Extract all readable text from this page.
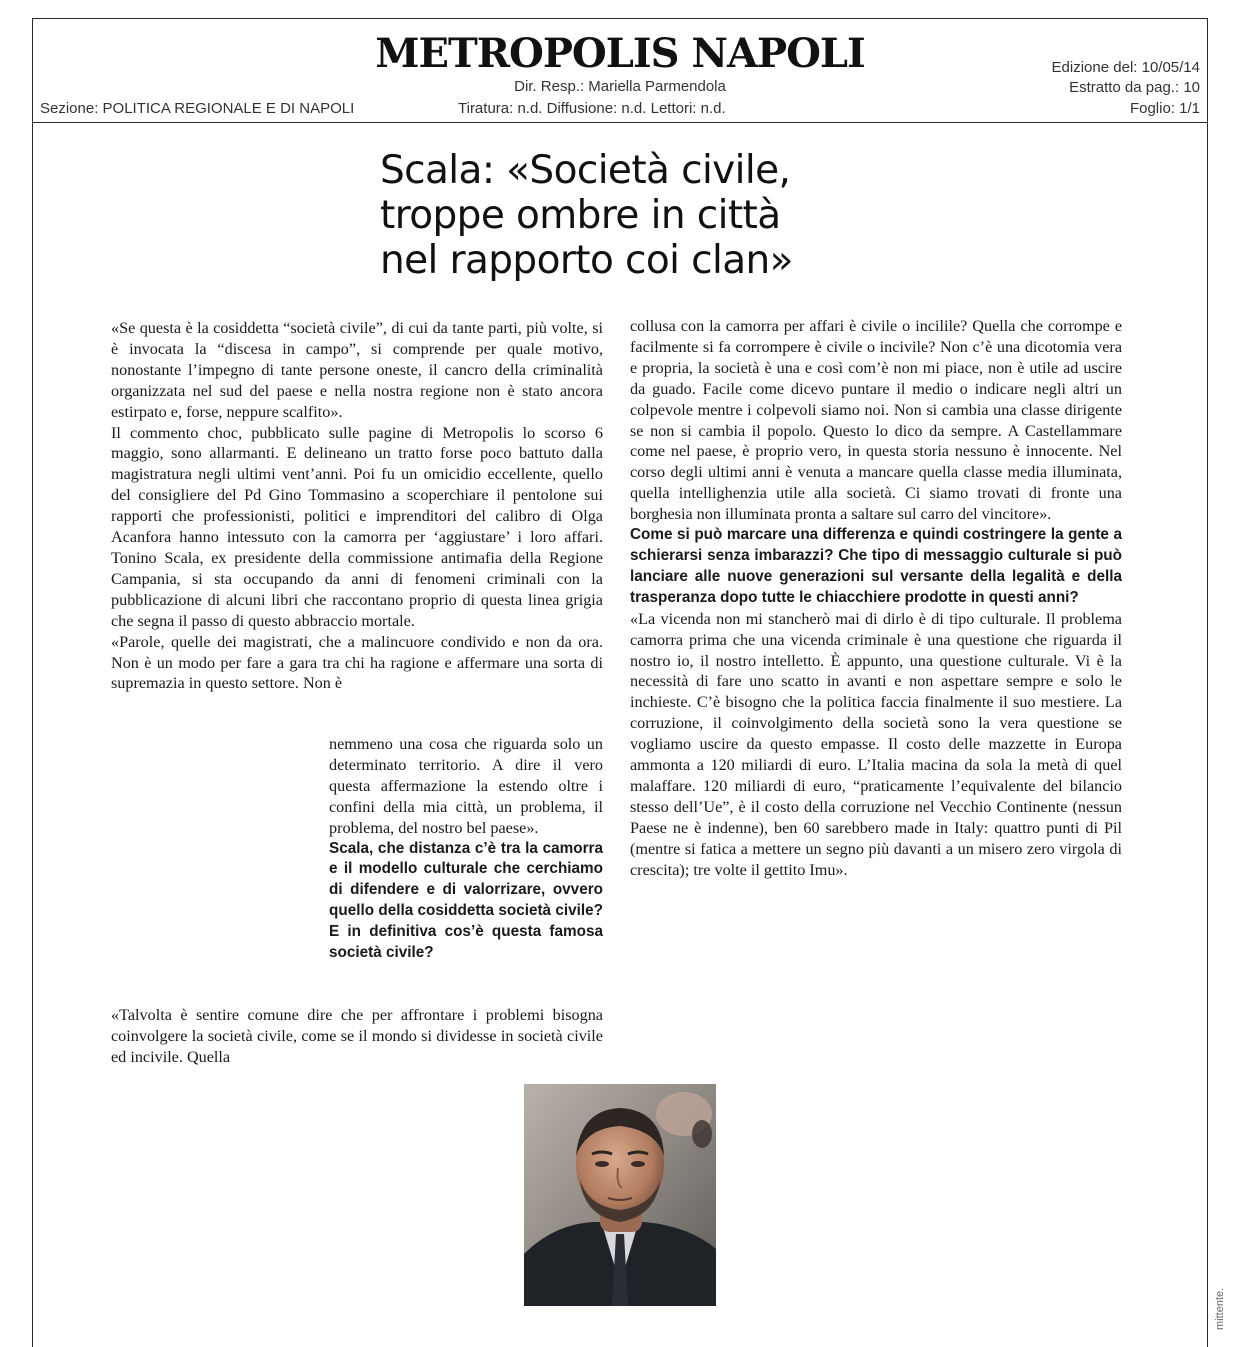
METROPOLIS NAPOLI
Dir. Resp.: Mariella Parmendola
Tiratura: n.d. Diffusione: n.d. Lettori: n.d.
Sezione: POLITICA REGIONALE E DI NAPOLI
Edizione del: 10/05/14
Estratto da pag.: 10
Foglio: 1/1
Scala: «Società civile,
troppe ombre in città
nel rapporto coi clan»

«Se questa è la cosiddetta “società civile”, di cui da tante parti, più volte, si è invocata la “discesa in campo”, si comprende per quale motivo, nonostante l’impegno di tante persone oneste, il cancro della criminalità organizzata nel sud del paese e nella nostra regione non è stato ancora estirpato e, forse, neppure scalfito».

Il commento choc, pubblicato sulle pagine di Metropolis lo scorso 6 maggio, sono allarmanti. E delineano un tratto forse poco battuto dalla magistratura negli ultimi vent’anni. Poi fu un omicidio eccellente, quello del consigliere del Pd Gino Tommasino a scoperchiare il pentolone sui rapporti che professionisti, politici e imprenditori del calibro di Olga Acanfora hanno intessuto con la camorra per ‘aggiustare’ i loro affari. Tonino Scala, ex presidente della commissione antimafia della Regione Campania, si sta occupando da anni di fenomeni criminali con la pubblicazione di alcuni libri che raccontano proprio di questa linea grigia che segna il passo di questo abbraccio mortale.

«Parole, quelle dei magistrati, che a malincuore condivido e non da ora. Non è un modo per fare a gara tra chi ha ragione e affermare una sorta di supremazia in questo settore. Non è

nemmeno una cosa che riguarda solo un determinato territorio. A dire il vero questa affermazione la estendo oltre i confini della mia città, un problema, il problema, del nostro bel paese».

Scala, che distanza c’è tra la camorra e il modello culturale che cerchiamo di difendere e di valorrizare, ovvero quello della cosiddetta società civile? E in definitiva cos’è questa famosa società civile?

«Talvolta è sentire comune dire che per affrontare i problemi bisogna coinvolgere la società civile, come se il mondo si dividesse in società civile ed incivile. Quella

collusa con la camorra per affari è civile o incilile? Quella che corrompe e facilmente si fa corrompere è civile o incivile? Non c’è una dicotomia vera e propria, la società è una e così com’è non mi piace, non è utile ad uscire da guado. Facile come dicevo puntare il medio o indicare negli altri un colpevole mentre i colpevoli siamo noi. Non si cambia una classe dirigente se non si cambia il popolo. Questo lo dico da sempre. A Castellammare come nel paese, è proprio vero, in questa storia nessuno è innocente. Nel corso degli ultimi anni è venuta a mancare quella classe media illuminata, quella intellighenzia utile alla società. Ci siamo trovati di fronte una borghesia non illuminata pronta a saltare sul carro del vincitore».

Come si può marcare una differenza e quindi costringere la gente a schierarsi senza imbarazzi? Che tipo di messaggio culturale si può lanciare alle nuove generazioni sul versante della legalità e della trasperanza dopo tutte le chiacchiere prodotte in questi anni?

«La vicenda non mi stancherò mai di dirlo è di tipo culturale. Il problema camorra prima che una vicenda criminale è una questione che riguarda il nostro io, il nostro intelletto. È appunto, una questione culturale. Vi è la necessità di fare uno scatto in avanti e non aspettare sempre e solo le inchieste. C’è bisogno che la politica faccia finalmente il suo mestiere. La corruzione, il coinvolgimento della società sono la vera questione se vogliamo uscire da questo empasse. Il costo delle mazzette in Europa ammonta a 120 miliardi di euro. L’Italia macina da sola la metà di quel malaffare. 120 miliardi di euro, “praticamente l’equivalente del bilancio stesso dell’Ue”, è il costo della corruzione nel Vecchio Continente (nessun Paese ne è indenne), ben 60 sarebbero made in Italy: quattro punti di Pil (mentre si fatica a mettere un segno più davanti a un misero zero virgola di crescita); tre volte il gettito Imu».

mittente.
